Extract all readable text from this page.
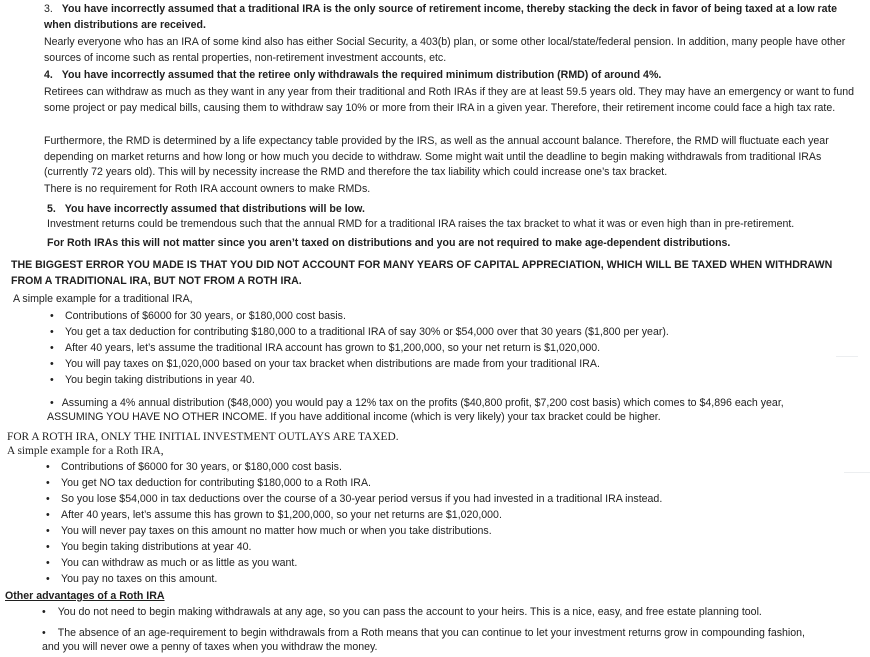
3. You have incorrectly assumed that a traditional IRA is the only source of retirement income, thereby stacking the deck in favor of being taxed at a low rate when distributions are received.
Nearly everyone who has an IRA of some kind also has either Social Security, a 403(b) plan, or some other local/state/federal pension. In addition, many people have other sources of income such as rental properties, non-retirement investment accounts, etc.
4. You have incorrectly assumed that the retiree only withdrawals the required minimum distribution (RMD) of around 4%.
Retirees can withdraw as much as they want in any year from their traditional and Roth IRAs if they are at least 59.5 years old. They may have an emergency or want to fund some project or pay medical bills, causing them to withdraw say 10% or more from their IRA in a given year. Therefore, their retirement income could face a high tax rate.
Furthermore, the RMD is determined by a life expectancy table provided by the IRS, as well as the annual account balance. Therefore, the RMD will fluctuate each year depending on market returns and how long or how much you decide to withdraw. Some might wait until the deadline to begin making withdrawals from traditional IRAs (currently 72 years old). This will by necessity increase the RMD and therefore the tax liability which could increase one’s tax bracket.
There is no requirement for Roth IRA account owners to make RMDs.
5. You have incorrectly assumed that distributions will be low.
Investment returns could be tremendous such that the annual RMD for a traditional IRA raises the tax bracket to what it was or even high than in pre-retirement.
For Roth IRAs this will not matter since you aren’t taxed on distributions and you are not required to make age-dependent distributions.
THE BIGGEST ERROR YOU MADE IS THAT YOU DID NOT ACCOUNT FOR MANY YEARS OF CAPITAL APPRECIATION, WHICH WILL BE TAXED WHEN WITHDRAWN FROM A TRADITIONAL IRA, BUT NOT FROM A ROTH IRA.
A simple example for a traditional IRA,
• Contributions of $6000 for 30 years, or $180,000 cost basis.
• You get a tax deduction for contributing $180,000 to a traditional IRA of say 30% or $54,000 over that 30 years ($1,800 per year).
• After 40 years, let’s assume the traditional IRA account has grown to $1,200,000, so your net return is $1,020,000.
• You will pay taxes on $1,020,000 based on your tax bracket when distributions are made from your traditional IRA.
• You begin taking distributions in year 40.
• Assuming a 4% annual distribution ($48,000) you would pay a 12% tax on the profits ($40,800 profit, $7,200 cost basis) which comes to $4,896 each year,
ASSUMING YOU HAVE NO OTHER INCOME. If you have additional income (which is very likely) your tax bracket could be higher.
FOR A ROTH IRA, ONLY THE INITIAL INVESTMENT OUTLAYS ARE TAXED.
A simple example for a Roth IRA,
• Contributions of $6000 for 30 years, or $180,000 cost basis.
• You get NO tax deduction for contributing $180,000 to a Roth IRA.
• So you lose $54,000 in tax deductions over the course of a 30-year period versus if you had invested in a traditional IRA instead.
• After 40 years, let’s assume this has grown to $1,200,000, so your net returns are $1,020,000.
• You will never pay taxes on this amount no matter how much or when you take distributions.
• You begin taking distributions at year 40.
• You can withdraw as much or as little as you want.
• You pay no taxes on this amount.
Other advantages of a Roth IRA
• You do not need to begin making withdrawals at any age, so you can pass the account to your heirs. This is a nice, easy, and free estate planning tool.
• The absence of an age-requirement to begin withdrawals from a Roth means that you can continue to let your investment returns grow in compounding fashion,
and you will never owe a penny of taxes when you withdraw the money.
